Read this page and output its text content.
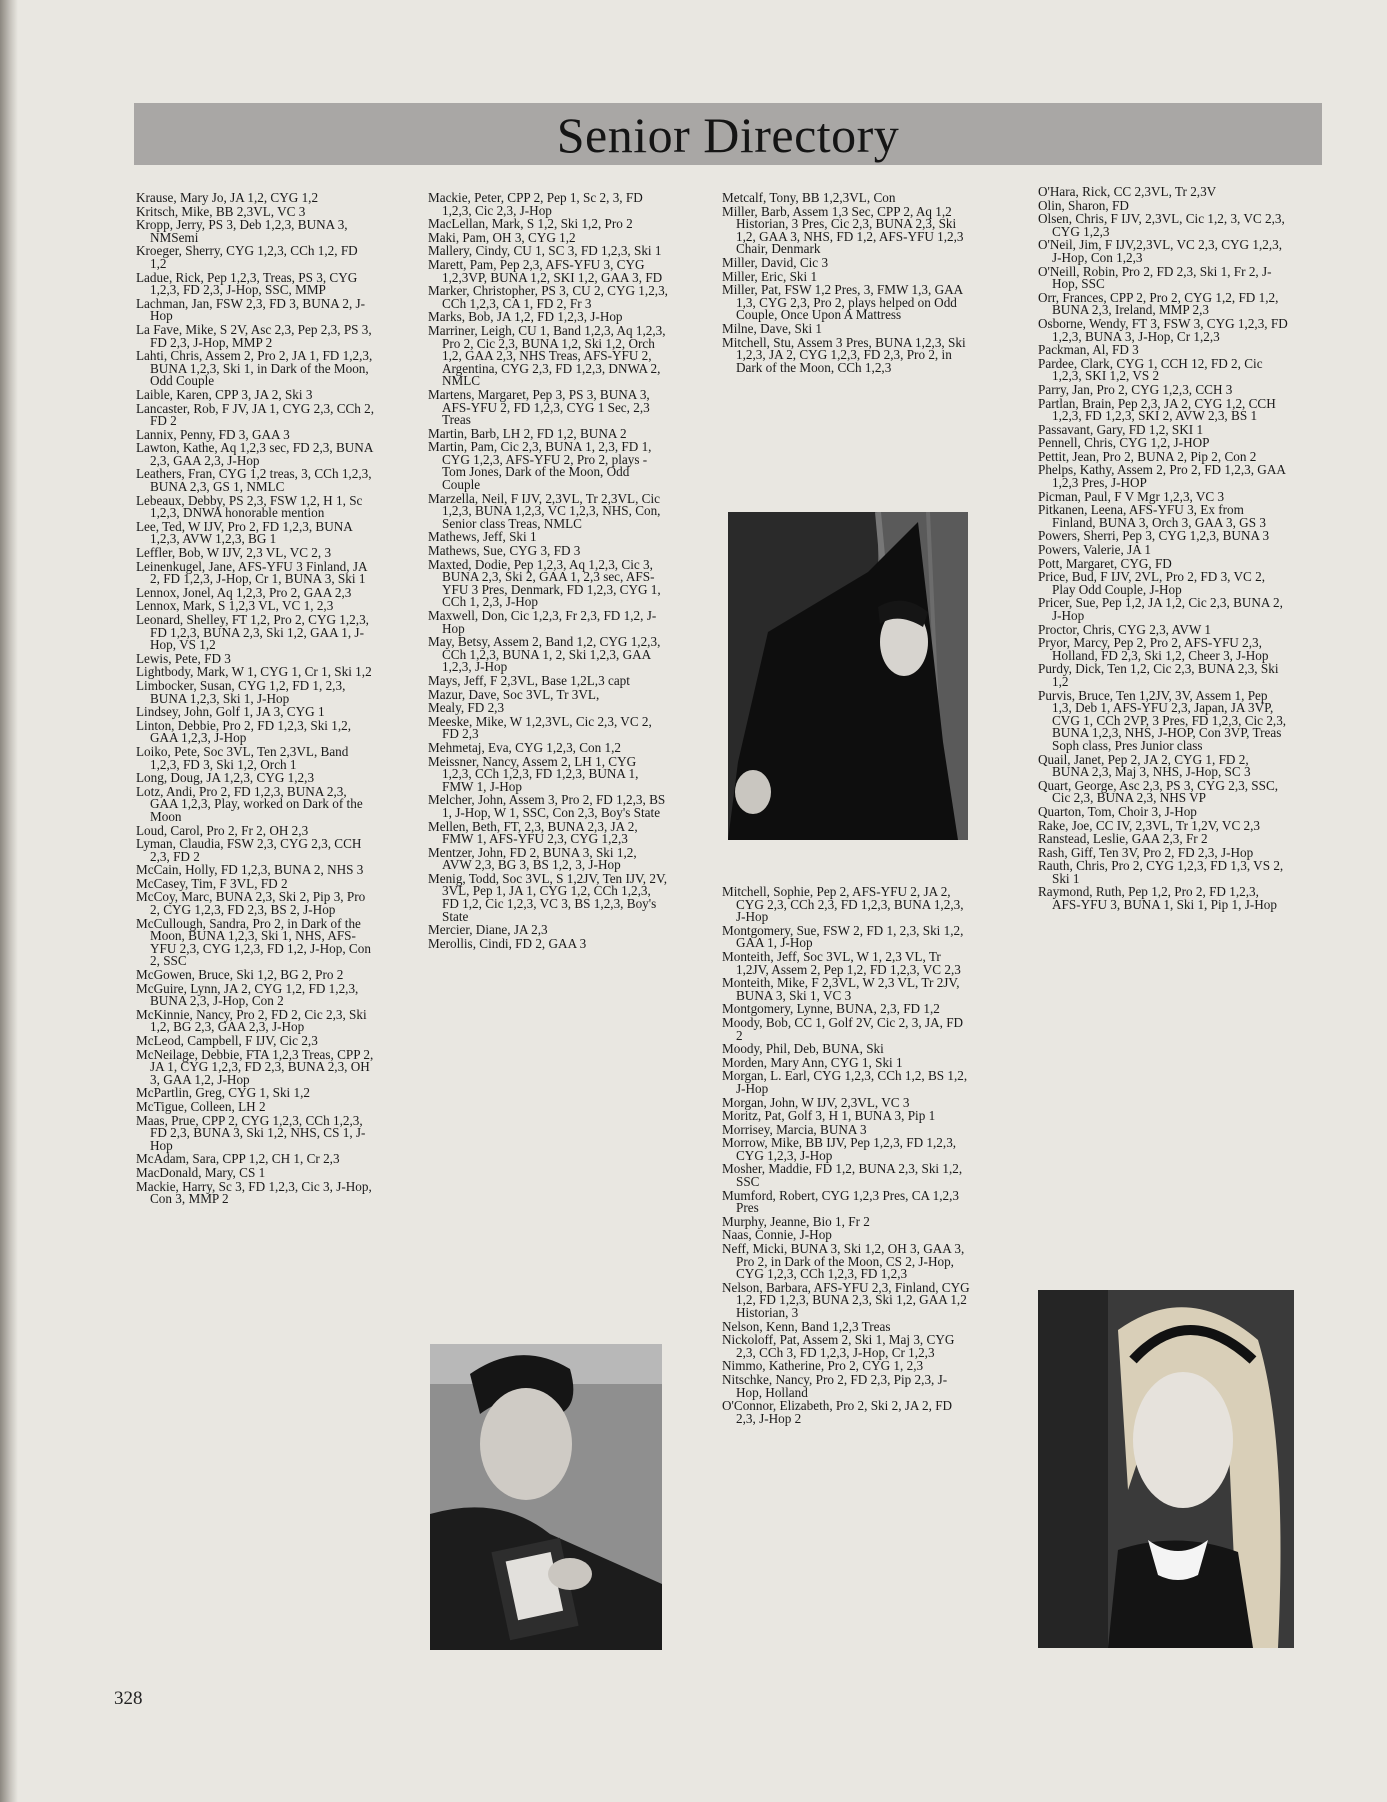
Senior Directory
Krause, Mary Jo, JA 1,2, CYG 1,2
Kritsch, Mike, BB 2,3VL, VC 3
Kropp, Jerry, PS 3, Deb 1,2,3, BUNA 3, NMSemi
Kroeger, Sherry, CYG 1,2,3, CCh 1,2, FD 1,2
Ladue, Rick, Pep 1,2,3, Treas, PS 3, CYG 1,2,3, FD 2,3, J-Hop, SSC, MMP
Lachman, Jan, FSW 2,3, FD 3, BUNA 2, J-Hop
La Fave, Mike, S 2V, Asc 2,3, Pep 2,3, PS 3, FD 2,3, J-Hop, MMP 2
Lahti, Chris, Assem 2, Pro 2, JA 1, FD 1,2,3, BUNA 1,2,3, Ski 1, in Dark of the Moon, Odd Couple
Laible, Karen, CPP 3, JA 2, Ski 3
Lancaster, Rob, F JV, JA 1, CYG 2,3, CCh 2, FD 2
Lannix, Penny, FD 3, GAA 3
Lawton, Kathe, Aq 1,2,3 sec, FD 2,3, BUNA 2,3, GAA 2,3, J-Hop
Leathers, Fran, CYG 1,2 treas, 3, CCh 1,2,3, BUNA 2,3, GS 1, NMLC
Lebeaux, Debby, PS 2,3, FSW 1,2, H 1, Sc 1,2,3, DNWA honorable mention
Lee, Ted, W IJV, Pro 2, FD 1,2,3, BUNA 1,2,3, AVW 1,2,3, BG 1
Leffler, Bob, W IJV, 2,3 VL, VC 2, 3
Leinenkugel, Jane, AFS-YFU 3 Finland, JA 2, FD 1,2,3, J-Hop, Cr 1, BUNA 3, Ski 1
Lennox, Jonel, Aq 1,2,3, Pro 2, GAA 2,3
Lennox, Mark, S 1,2,3 VL, VC 1, 2,3
Leonard, Shelley, FT 1,2, Pro 2, CYG 1,2,3, FD 1,2,3, BUNA 2,3, Ski 1,2, GAA 1, J-Hop, VS 1,2
Lewis, Pete, FD 3
Lightbody, Mark, W 1, CYG 1, Cr 1, Ski 1,2
Limbocker, Susan, CYG 1,2, FD 1, 2,3, BUNA 1,2,3, Ski 1, J-Hop
Lindsey, John, Golf 1, JA 3, CYG 1
Linton, Debbie, Pro 2, FD 1,2,3, Ski 1,2, GAA 1,2,3, J-Hop
Loiko, Pete, Soc 3VL, Ten 2,3VL, Band 1,2,3, FD 3, Ski 1,2, Orch 1
Long, Doug, JA 1,2,3, CYG 1,2,3
Lotz, Andi, Pro 2, FD 1,2,3, BUNA 2,3, GAA 1,2,3, Play, worked on Dark of the Moon
Loud, Carol, Pro 2, Fr 2, OH 2,3
Lyman, Claudia, FSW 2,3, CYG 2,3, CCH 2,3, FD 2
McCain, Holly, FD 1,2,3, BUNA 2, NHS 3
McCasey, Tim, F 3VL, FD 2
McCoy, Marc, BUNA 2,3, Ski 2, Pip 3, Pro 2, CYG 1,2,3, FD 2,3, BS 2, J-Hop
McCullough, Sandra, Pro 2, in Dark of the Moon, BUNA 1,2,3, Ski 1, NHS, AFS-YFU 2,3, CYG 1,2,3, FD 1,2, J-Hop, Con 2, SSC
McGowen, Bruce, Ski 1,2, BG 2, Pro 2
McGuire, Lynn, JA 2, CYG 1,2, FD 1,2,3, BUNA 2,3, J-Hop, Con 2
McKinnie, Nancy, Pro 2, FD 2, Cic 2,3, Ski 1,2, BG 2,3, GAA 2,3, J-Hop
McLeod, Campbell, F IJV, Cic 2,3
McNeilage, Debbie, FTA 1,2,3 Treas, CPP 2, JA 1, CYG 1,2,3, FD 2,3, BUNA 2,3, OH 3, GAA 1,2, J-Hop
McPartlin, Greg, CYG 1, Ski 1,2
McTigue, Colleen, LH 2
Maas, Prue, CPP 2, CYG 1,2,3, CCh 1,2,3, FD 2,3, BUNA 3, Ski 1,2, NHS, CS 1, J-Hop
McAdam, Sara, CPP 1,2, CH 1, Cr 2,3
MacDonald, Mary, CS 1
Mackie, Harry, Sc 3, FD 1,2,3, Cic 3, J-Hop, Con 3, MMP 2
Mackie, Peter, CPP 2, Pep 1, Sc 2, 3, FD 1,2,3, Cic 2,3, J-Hop
MacLellan, Mark, S 1,2, Ski 1,2, Pro 2
Maki, Pam, OH 3, CYG 1,2
Mallery, Cindy, CU 1, SC 3, FD 1,2,3, Ski 1
Marett, Pam, Pep 2,3, AFS-YFU 3, CYG 1,2,3VP, BUNA 1,2, SKI 1,2, GAA 3, FD
Marker, Christopher, PS 3, CU 2, CYG 1,2,3, CCh 1,2,3, CA 1, FD 2, Fr 3
Marks, Bob, JA 1,2, FD 1,2,3, J-Hop
Marriner, Leigh, CU 1, Band 1,2,3, Aq 1,2,3, Pro 2, Cic 2,3, BUNA 1,2, Ski 1,2, Orch 1,2, GAA 2,3, NHS Treas, AFS-YFU 2, Argentina, CYG 2,3, FD 1,2,3, DNWA 2, NMLC
Martens, Margaret, Pep 3, PS 3, BUNA 3, AFS-YFU 2, FD 1,2,3, CYG 1 Sec, 2,3 Treas
Martin, Barb, LH 2, FD 1,2, BUNA 2
Martin, Pam, Cic 2,3, BUNA 1, 2,3, FD 1, CYG 1,2,3, AFS-YFU 2, Pro 2, plays - Tom Jones, Dark of the Moon, Odd Couple
Marzella, Neil, F IJV, 2,3VL, Tr 2,3VL, Cic 1,2,3, BUNA 1,2,3, VC 1,2,3, NHS, Con, Senior class Treas, NMLC
Mathews, Jeff, Ski 1
Mathews, Sue, CYG 3, FD 3
Maxted, Dodie, Pep 1,2,3, Aq 1,2,3, Cic 3, BUNA 2,3, Ski 2, GAA 1, 2,3 sec, AFS-YFU 3 Pres, Denmark, FD 1,2,3, CYG 1, CCh 1, 2,3, J-Hop
Maxwell, Don, Cic 1,2,3, Fr 2,3, FD 1,2, J-Hop
May, Betsy, Assem 2, Band 1,2, CYG 1,2,3, CCh 1,2,3, BUNA 1, 2, Ski 1,2,3, GAA 1,2,3, J-Hop
Mays, Jeff, F 2,3VL, Base 1,2L,3 capt
Mazur, Dave, Soc 3VL, Tr 3VL,
Mealy, FD 2,3
Meeske, Mike, W 1,2,3VL, Cic 2,3, VC 2, FD 2,3
Mehmetaj, Eva, CYG 1,2,3, Con 1,2
Meissner, Nancy, Assem 2, LH 1, CYG 1,2,3, CCh 1,2,3, FD 1,2,3, BUNA 1, FMW 1, J-Hop
Melcher, John, Assem 3, Pro 2, FD 1,2,3, BS 1, J-Hop, W 1, SSC, Con 2,3, Boy's State
Mellen, Beth, FT, 2,3, BUNA 2,3, JA 2, FMW 1, AFS-YFU 2,3, CYG 1,2,3
Mentzer, John, FD 2, BUNA 3, Ski 1,2, AVW 2,3, BG 3, BS 1,2, 3, J-Hop
Menig, Todd, Soc 3VL, S 1,2JV, Ten IJV, 2V, 3VL, Pep 1, JA 1, CYG 1,2, CCh 1,2,3, FD 1,2, Cic 1,2,3, VC 3, BS 1,2,3, Boy's State
Mercier, Diane, JA 2,3
Merollis, Cindi, FD 2, GAA 3
Metcalf, Tony, BB 1,2,3VL, Con
Miller, Barb, Assem 1,3 Sec, CPP 2, Aq 1,2 Historian, 3 Pres, Cic 2,3, BUNA 2,3, Ski 1,2, GAA 3, NHS, FD 1,2, AFS-YFU 1,2,3 Chair, Denmark
Miller, David, Cic 3
Miller, Eric, Ski 1
Miller, Pat, FSW 1,2 Pres, 3, FMW 1,3, GAA 1,3, CYG 2,3, Pro 2, plays helped on Odd Couple, Once Upon A Mattress
Milne, Dave, Ski 1
Mitchell, Stu, Assem 3 Pres, BUNA 1,2,3, Ski 1,2,3, JA 2, CYG 1,2,3, FD 2,3, Pro 2, in Dark of the Moon, CCh 1,2,3
Mitchell, Sophie, Pep 2, AFS-YFU 2, JA 2, CYG 2,3, CCh 2,3, FD 1,2,3, BUNA 1,2,3, J-Hop
Montgomery, Sue, FSW 2, FD 1, 2,3, Ski 1,2, GAA 1, J-Hop
Monteith, Jeff, Soc 3VL, W 1, 2,3 VL, Tr 1,2JV, Assem 2, Pep 1,2, FD 1,2,3, VC 2,3
Monteith, Mike, F 2,3VL, W 2,3 VL, Tr 2JV, BUNA 3, Ski 1, VC 3
Montgomery, Lynne, BUNA, 2,3, FD 1,2
Moody, Bob, CC 1, Golf 2V, Cic 2, 3, JA, FD 2
Moody, Phil, Deb, BUNA, Ski
Morden, Mary Ann, CYG 1, Ski 1
Morgan, L. Earl, CYG 1,2,3, CCh 1,2, BS 1,2, J-Hop
Morgan, John, W IJV, 2,3VL, VC 3
Moritz, Pat, Golf 3, H 1, BUNA 3, Pip 1
Morrisey, Marcia, BUNA 3
Morrow, Mike, BB IJV, Pep 1,2,3, FD 1,2,3, CYG 1,2,3, J-Hop
Mosher, Maddie, FD 1,2, BUNA 2,3, Ski 1,2, SSC
Mumford, Robert, CYG 1,2,3 Pres, CA 1,2,3 Pres
Murphy, Jeanne, Bio 1, Fr 2
Naas, Connie, J-Hop
Neff, Micki, BUNA 3, Ski 1,2, OH 3, GAA 3, Pro 2, in Dark of the Moon, CS 2, J-Hop, CYG 1,2,3, CCh 1,2,3, FD 1,2,3
Nelson, Barbara, AFS-YFU 2,3, Finland, CYG 1,2, FD 1,2,3, BUNA 2,3, Ski 1,2, GAA 1,2 Historian, 3
Nelson, Kenn, Band 1,2,3 Treas
Nickoloff, Pat, Assem 2, Ski 1, Maj 3, CYG 2,3, CCh 3, FD 1,2,3, J-Hop, Cr 1,2,3
Nimmo, Katherine, Pro 2, CYG 1, 2,3
Nitschke, Nancy, Pro 2, FD 2,3, Pip 2,3, J-Hop, Holland
O'Connor, Elizabeth, Pro 2, Ski 2, JA 2, FD 2,3, J-Hop 2
O'Hara, Rick, CC 2,3VL, Tr 2,3V
Olin, Sharon, FD
Olsen, Chris, F IJV, 2,3VL, Cic 1,2, 3, VC 2,3, CYG 1,2,3
O'Neil, Jim, F IJV,2,3VL, VC 2,3, CYG 1,2,3, J-Hop, Con 1,2,3
O'Neill, Robin, Pro 2, FD 2,3, Ski 1, Fr 2, J-Hop, SSC
Orr, Frances, CPP 2, Pro 2, CYG 1,2, FD 1,2, BUNA 2,3, Ireland, MMP 2,3
Osborne, Wendy, FT 3, FSW 3, CYG 1,2,3, FD 1,2,3, BUNA 3, J-Hop, Cr 1,2,3
Packman, Al, FD 3
Pardee, Clark, CYG 1, CCH 12, FD 2, Cic 1,2,3, SKI 1,2, VS 2
Parry, Jan, Pro 2, CYG 1,2,3, CCH 3
Partlan, Brain, Pep 2,3, JA 2, CYG 1,2, CCH 1,2,3, FD 1,2,3, SKI 2, AVW 2,3, BS 1
Passavant, Gary, FD 1,2, SKI 1
Pennell, Chris, CYG 1,2, J-HOP
Pettit, Jean, Pro 2, BUNA 2, Pip 2, Con 2
Phelps, Kathy, Assem 2, Pro 2, FD 1,2,3, GAA 1,2,3 Pres, J-HOP
Picman, Paul, F V Mgr 1,2,3, VC 3
Pitkanen, Leena, AFS-YFU 3, Ex from Finland, BUNA 3, Orch 3, GAA 3, GS 3
Powers, Sherri, Pep 3, CYG 1,2,3, BUNA 3
Powers, Valerie, JA 1
Pott, Margaret, CYG, FD
Price, Bud, F IJV, 2VL, Pro 2, FD 3, VC 2, Play Odd Couple, J-Hop
Pricer, Sue, Pep 1,2, JA 1,2, Cic 2,3, BUNA 2, J-Hop
Proctor, Chris, CYG 2,3, AVW 1
Pryor, Marcy, Pep 2, Pro 2, AFS-YFU 2,3, Holland, FD 2,3, Ski 1,2, Cheer 3, J-Hop
Purdy, Dick, Ten 1,2, Cic 2,3, BUNA 2,3, Ski 1,2
Purvis, Bruce, Ten 1,2JV, 3V, Assem 1, Pep 1,3, Deb 1, AFS-YFU 2,3, Japan, JA 3VP, CVG 1, CCh 2VP, 3 Pres, FD 1,2,3, Cic 2,3, BUNA 1,2,3, NHS, J-HOP, Con 3VP, Treas Soph class, Pres Junior class
Quail, Janet, Pep 2, JA 2, CYG 1, FD 2, BUNA 2,3, Maj 3, NHS, J-Hop, SC 3
Quart, George, Asc 2,3, PS 3, CYG 2,3, SSC, Cic 2,3, BUNA 2,3, NHS VP
Quarton, Tom, Choir 3, J-Hop
Rake, Joe, CC IV, 2,3VL, Tr 1,2V, VC 2,3
Ranstead, Leslie, GAA 2,3, Fr 2
Rash, Giff, Ten 3V, Pro 2, FD 2,3, J-Hop
Rauth, Chris, Pro 2, CYG 1,2,3, FD 1,3, VS 2, Ski 1
Raymond, Ruth, Pep 1,2, Pro 2, FD 1,2,3, AFS-YFU 3, BUNA 1, Ski 1, Pip 1, J-Hop
328
